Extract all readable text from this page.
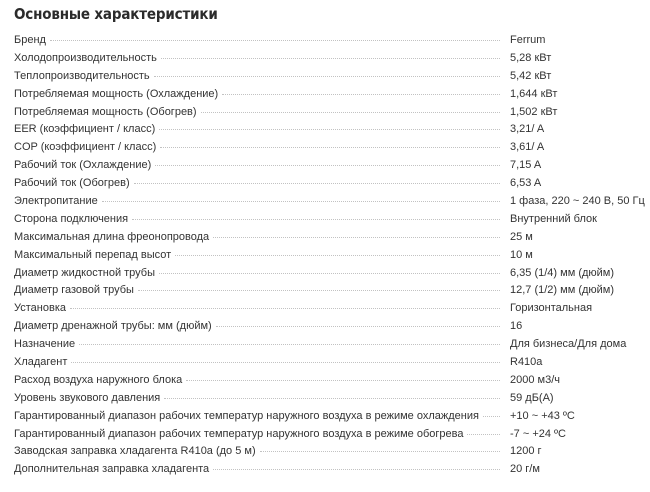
Основные характеристики
Бренд	Ferrum
Холодопроизводительность	5,28 кВт
Теплопроизводительность	5,42 кВт
Потребляемая мощность (Охлаждение)	1,644 кВт
Потребляемая мощность (Обогрев)	1,502 кВт
EER (коэффициент / класс)	3,21/ A
COP (коэффициент / класс)	3,61/ A
Рабочий ток (Охлаждение)	7,15 A
Рабочий ток (Обогрев)	6,53 A
Электропитание	1 фаза, 220 ~ 240 В, 50 Гц
Сторона подключения	Внутренний блок
Максимальная длина фреонопровода	25 м
Максимальный перепад высот	10 м
Диаметр жидкостной трубы	6,35 (1/4) мм (дюйм)
Диаметр газовой трубы	12,7 (1/2) мм (дюйм)
Установка	Горизонтальная
Диаметр дренажной трубы: мм (дюйм)	16
Назначение	Для бизнеса/Для дома
Хладагент	R410a
Расход воздуха наружного блока	2000 м3/ч
Уровень звукового давления	59 дБ(А)
Гарантированный диапазон рабочих температур наружного воздуха в режиме охлаждения	+10 ~ +43 ºС
Гарантированный диапазон рабочих температур наружного воздуха в режиме обогрева	-7 ~ +24 ºС
Заводская заправка хладагента R410a (до 5 м)	1200 г
Дополнительная заправка хладагента	20 г/м
